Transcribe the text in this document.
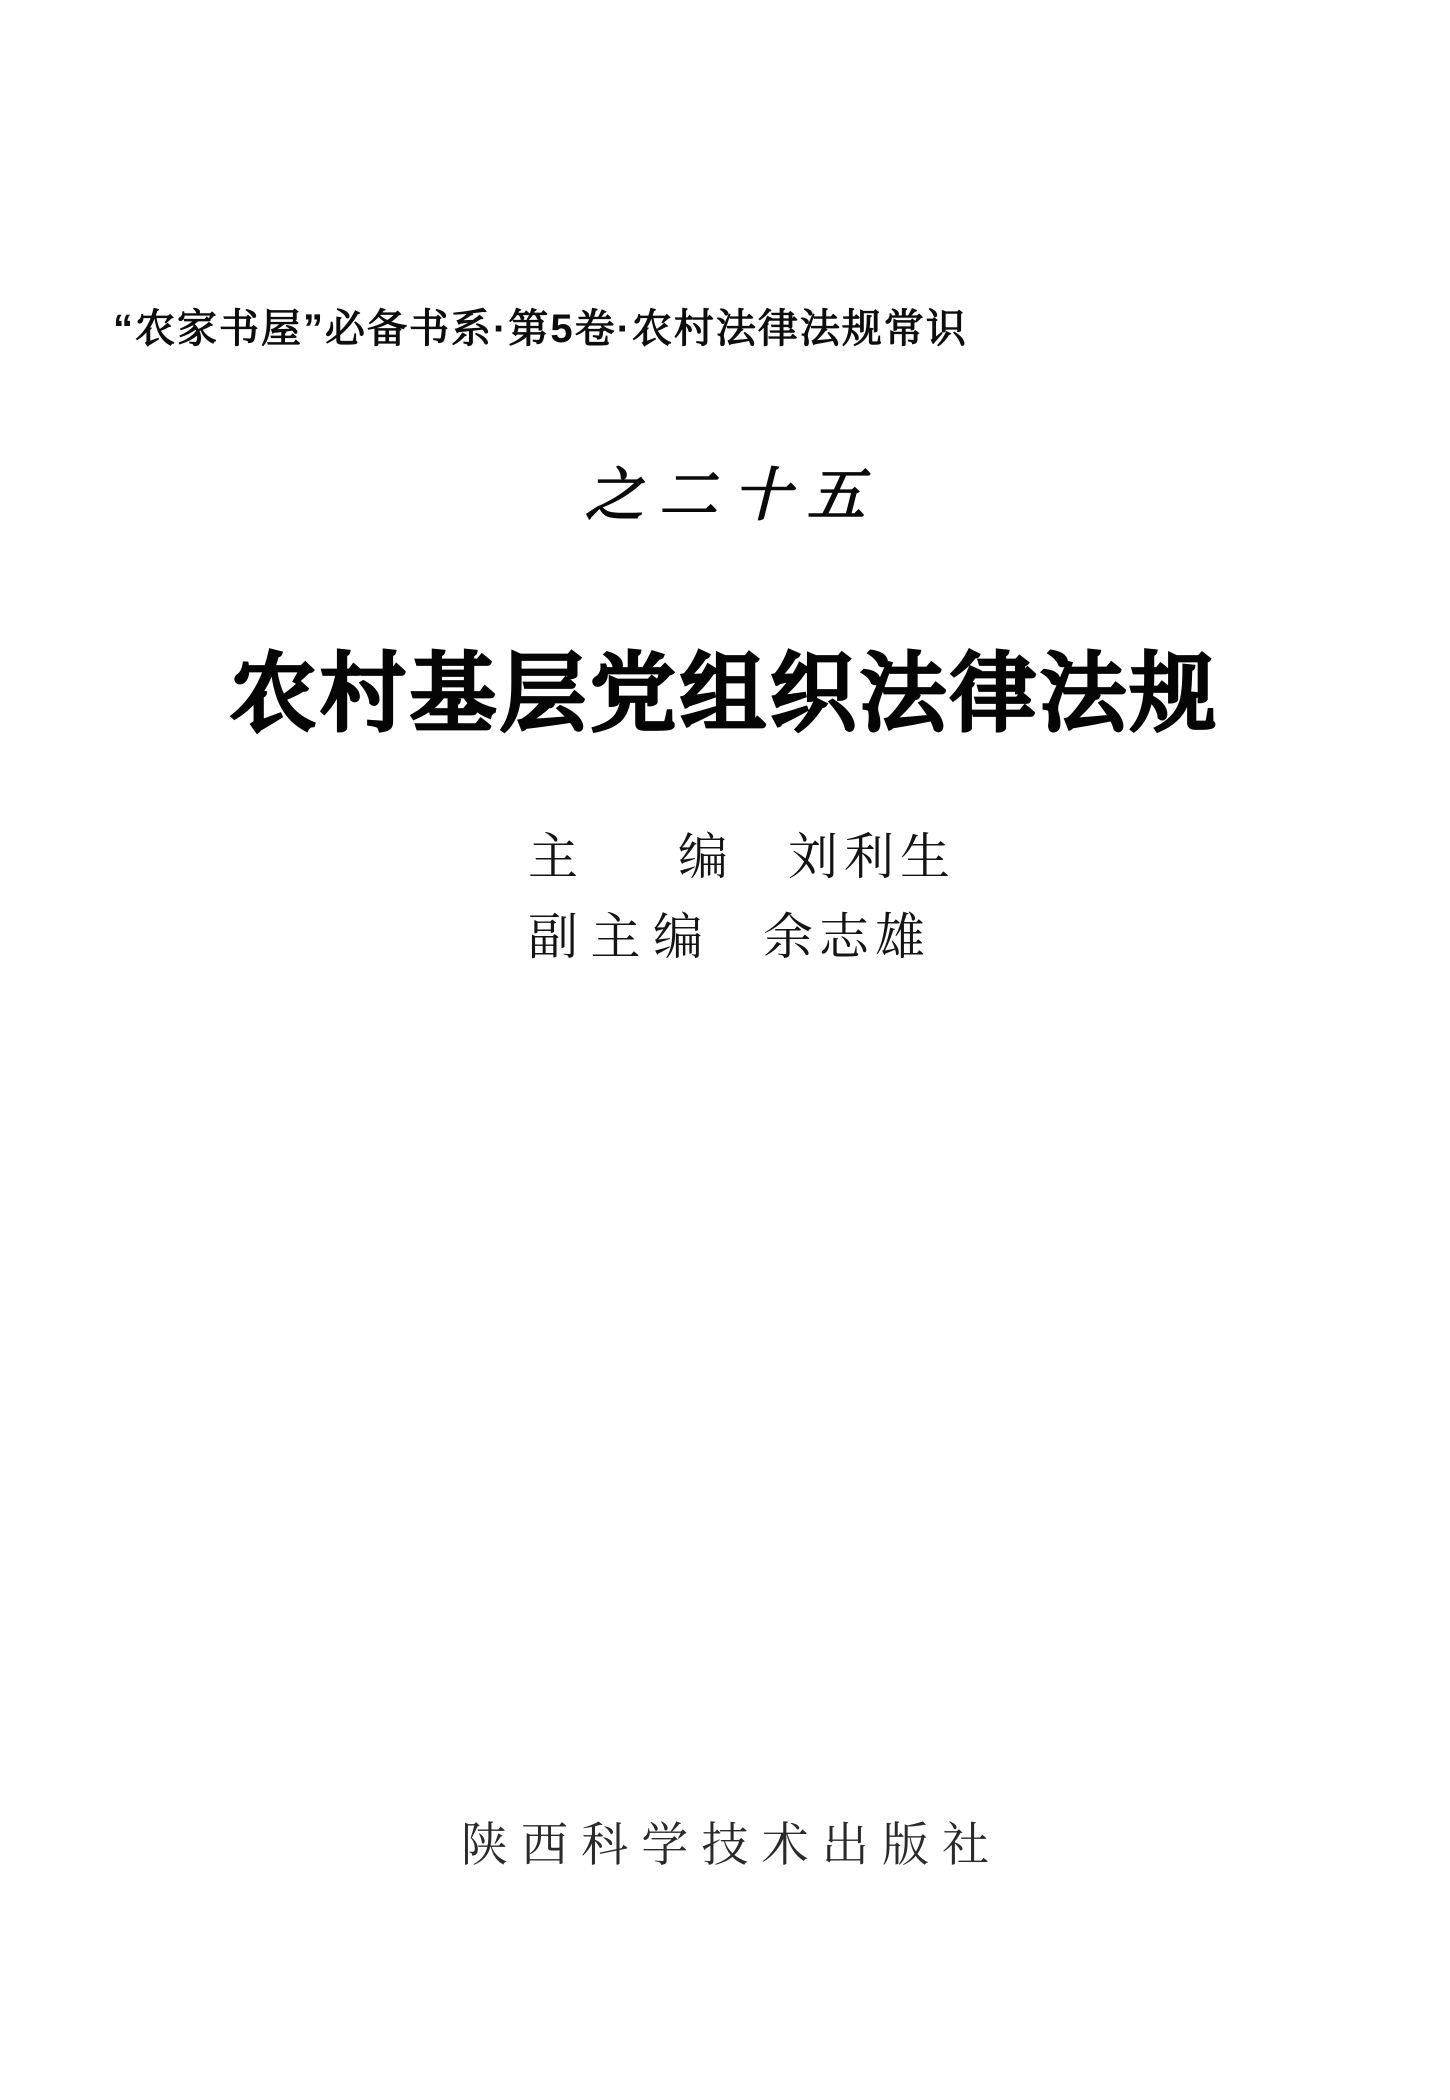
“农家书屋”必备书系·第5卷·农村法律法规常识
之二十五
农村基层党组织法律法规
主　　编 刘利生
副 主 编 余志雄
陕西科学技术出版社
